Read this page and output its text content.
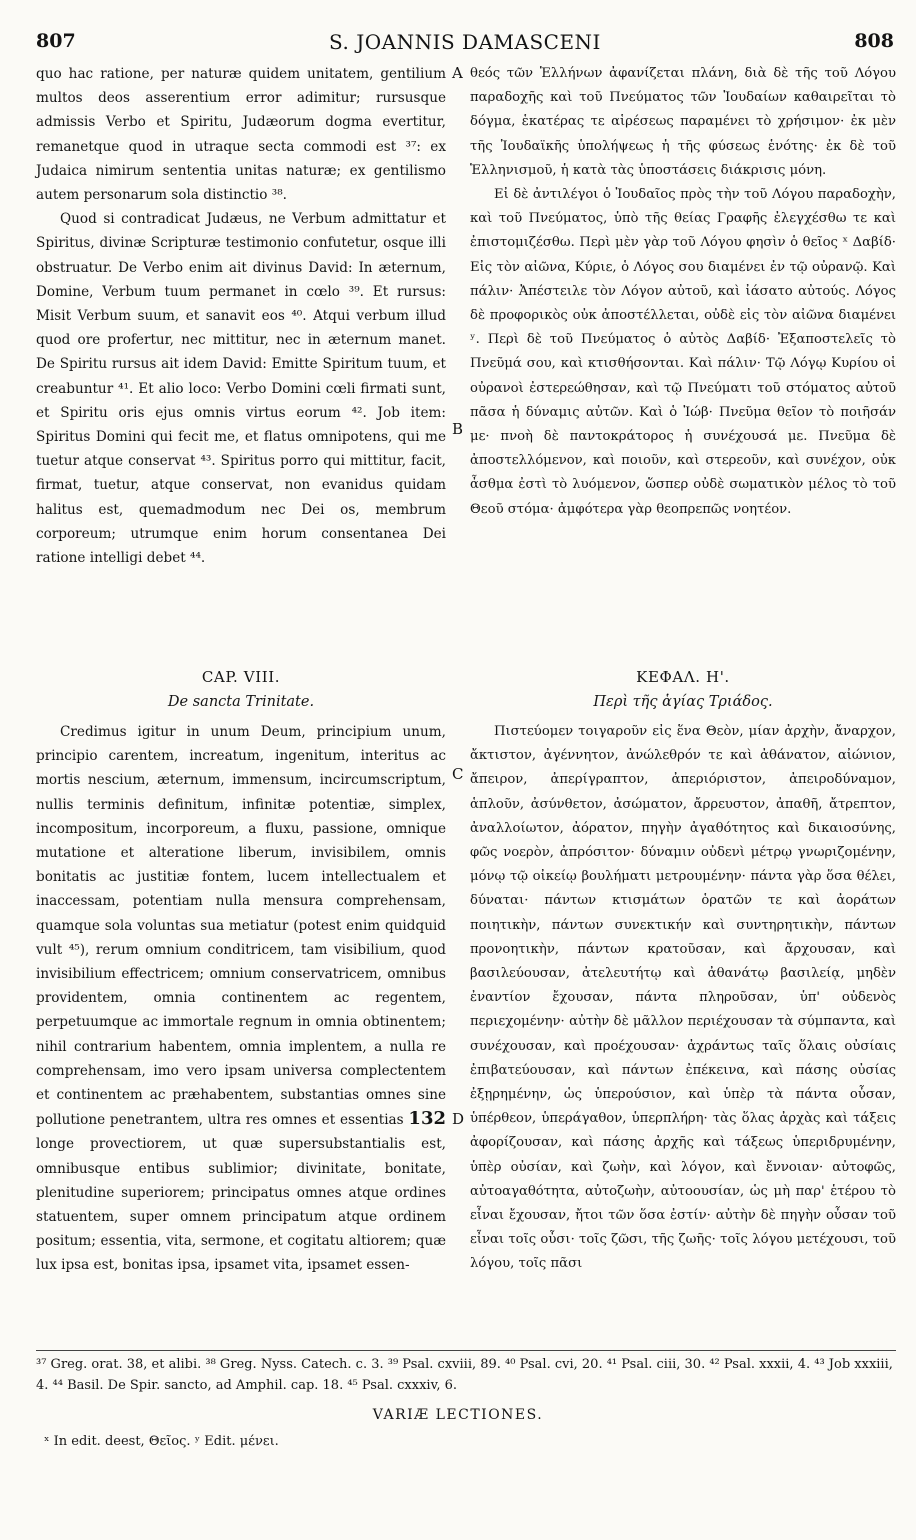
807	S. JOANNIS DAMASCENI	808

quo hac ratione, per naturæ quidem unitatem, gentilium multos deos asserentium error adimitur; rursusque admissis Verbo et Spiritu, Judæorum dogma evertitur, remanetque quod in utraque secta commodi est ³⁷: ex Judaica nimirum sententia unitas naturæ; ex gentilismo autem personarum sola distinctio ³⁸.

Quod si contradicat Judæus, ne Verbum admittatur et Spiritus, divinæ Scripturæ testimonio confutetur, osque illi obstruatur. De Verbo enim ait divinus David: In æternum, Domine, Verbum tuum permanet in cœlo ³⁹. Et rursus: Misit Verbum suum, et sanavit eos ⁴⁰. Atqui verbum illud quod ore profertur, nec mittitur, nec in æternum manet. De Spiritu rursus ait idem David: Emitte Spiritum tuum, et creabuntur ⁴¹. Et alio loco: Verbo Domini cœli firmati sunt, et Spiritu oris ejus omnis virtus eorum ⁴². Job item: Spiritus Domini qui fecit me, et flatus omnipotens, qui me tuetur atque conservat ⁴³. Spiritus porro qui mittitur, facit, firmat, tuetur, atque conservat, non evanidus quidam halitus est, quemadmodum nec Dei os, membrum corporeum; utrumque enim horum consentanea Dei ratione intelligi debet ⁴⁴.

θεός τῶν Ἑλλήνων ἀφανίζεται πλάνη, διὰ δὲ τῆς τοῦ Λόγου παραδοχῆς καὶ τοῦ Πνεύματος τῶν Ἰουδαίων καθαιρεῖται τὸ δόγμα, ἑκατέρας τε αἱρέσεως παραμένει τὸ χρήσιμον· ἐκ μὲν τῆς Ἰουδαϊκῆς ὑπολήψεως ἡ τῆς φύσεως ἑνότης· ἐκ δὲ τοῦ Ἑλληνισμοῦ, ἡ κατὰ τὰς ὑποστάσεις διάκρισις μόνη.

Εἰ δὲ ἀντιλέγοι ὁ Ἰουδαῖος πρὸς τὴν τοῦ Λόγου παραδοχὴν, καὶ τοῦ Πνεύματος, ὑπὸ τῆς θείας Γραφῆς ἐλεγχέσθω τε καὶ ἐπιστομιζέσθω. Περὶ μὲν γὰρ τοῦ Λόγου φησὶν ὁ θεῖος ˣ Δαβίδ· Εἰς τὸν αἰῶνα, Κύριε, ὁ Λόγος σου διαμένει ἐν τῷ οὐρανῷ. Καὶ πάλιν· Ἀπέστειλε τὸν Λόγον αὐτοῦ, καὶ ἰάσατο αὐτούς. Λόγος δὲ προφορικὸς οὐκ ἀποστέλλεται, οὐδὲ εἰς τὸν αἰῶνα διαμένει ʸ. Περὶ δὲ τοῦ Πνεύματος ὁ αὐτὸς Δαβίδ· Ἐξαποστελεῖς τὸ Πνεῦμά σου, καὶ κτισθήσονται. Καὶ πάλιν· Τῷ Λόγῳ Κυρίου οἱ οὐρανοὶ ἐστερεώθησαν, καὶ τῷ Πνεύματι τοῦ στόματος αὐτοῦ πᾶσα ἡ δύναμις αὐτῶν. Καὶ ὁ Ἰώβ· Πνεῦμα θεῖον τὸ ποιῆσάν με· πνοὴ δὲ παντοκράτορος ἡ συνέχουσά με. Πνεῦμα δὲ ἀποστελλόμενον, καὶ ποιοῦν, καὶ στερεοῦν, καὶ συνέχον, οὐκ ἆσθμα ἐστὶ τὸ λυόμενον, ὥσπερ οὐδὲ σωματικὸν μέλος τὸ τοῦ Θεοῦ στόμα· ἀμφότερα γὰρ θεοπρεπῶς νοητέον.

A
B
C
D
CAP. VIII.
De sancta Trinitate.
ΚΕΦΑΛ. Η'.
Περὶ τῆς ἁγίας Τριάδος.

Credimus igitur in unum Deum, principium unum, principio carentem, increatum, ingenitum, interitus ac mortis nescium, æternum, immensum, incircumscriptum, nullis terminis definitum, infinitæ potentiæ, simplex, incompositum, incorporeum, a fluxu, passione, omnique mutatione et alteratione liberum, invisibilem, omnis bonitatis ac justitiæ fontem, lucem intellectualem et inaccessam, potentiam nulla mensura comprehensam, quamque sola voluntas sua metiatur (potest enim quidquid vult ⁴⁵), rerum omnium conditricem, tam visibilium, quod invisibilium effectricem; omnium conservatricem, omnibus providentem, omnia continentem ac regentem, perpetuumque ac immortale regnum in omnia obtinentem; nihil contrarium habentem, omnia implentem, a nulla re comprehensam, imo vero ipsam universa complectentem et continentem ac præhabentem, substantias omnes sine pollutione penetrantem, ultra res omnes et essentias 132 longe provectiorem, ut quæ supersubstantialis est, omnibusque entibus sublimior; divinitate, bonitate, plenitudine superiorem; principatus omnes atque ordines statuentem, super omnem principatum atque ordinem positum; essentia, vita, sermone, et cogitatu altiorem; quæ lux ipsa est, bonitas ipsa, ipsamet vita, ipsamet essen-

Πιστεύομεν τοιγαροῦν εἰς ἕνα Θεὸν, μίαν ἀρχὴν, ἄναρχον, ἄκτιστον, ἀγέννητον, ἀνώλεθρόν τε καὶ ἀθάνατον, αἰώνιον, ἄπειρον, ἀπερίγραπτον, ἀπεριόριστον, ἀπειροδύναμον, ἁπλοῦν, ἀσύνθετον, ἀσώματον, ἄρρευστον, ἀπαθῆ, ἄτρεπτον, ἀναλλοίωτον, ἀόρατον, πηγὴν ἀγαθότητος καὶ δικαιοσύνης, φῶς νοερὸν, ἀπρόσιτον· δύναμιν οὐδενὶ μέτρῳ γνωριζομένην, μόνῳ τῷ οἰκείῳ βουλήματι μετρουμένην· πάντα γὰρ ὅσα θέλει, δύναται· πάντων κτισμάτων ὁρατῶν τε καὶ ἀοράτων ποιητικὴν, πάντων συνεκτικήν καὶ συντηρητικὴν, πάντων προνοητικὴν, πάντων κρατοῦσαν, καὶ ἄρχουσαν, καὶ βασιλεύουσαν, ἀτελευτήτῳ καὶ ἀθανάτῳ βασιλείᾳ, μηδὲν ἐναντίον ἔχουσαν, πάντα πληροῦσαν, ὑπ' οὐδενὸς περιεχομένην· αὐτὴν δὲ μᾶλλον περιέχουσαν τὰ σύμπαντα, καὶ συνέχουσαν, καὶ προέχουσαν· ἀχράντως ταῖς ὅλαις οὐσίαις ἐπιβατεύουσαν, καὶ πάντων ἐπέκεινα, καὶ πάσης οὐσίας ἐξῃρημένην, ὡς ὑπερούσιον, καὶ ὑπὲρ τὰ πάντα οὖσαν, ὑπέρθεον, ὑπεράγαθον, ὑπερπλήρη· τὰς ὅλας ἀρχὰς καὶ τάξεις ἀφορίζουσαν, καὶ πάσης ἀρχῆς καὶ τάξεως ὑπεριδρυμένην, ὑπὲρ οὐσίαν, καὶ ζωὴν, καὶ λόγον, καὶ ἔννοιαν· αὐτοφῶς, αὐτοαγαθότητα, αὐτοζωὴν, αὐτοουσίαν, ὡς μὴ παρ' ἑτέρου τὸ εἶναι ἔχουσαν, ἤτοι τῶν ὅσα ἐστίν· αὐτὴν δὲ πηγὴν οὖσαν τοῦ εἶναι τοῖς οὖσι· τοῖς ζῶσι, τῆς ζωῆς· τοῖς λόγου μετέχουσι, τοῦ λόγου, τοῖς πᾶσι

³⁷ Greg. orat. 38, et alibi. ³⁸ Greg. Nyss. Catech. c. 3. ³⁹ Psal. cxviii, 89. ⁴⁰ Psal. cvi, 20. ⁴¹ Psal. ciii, 30. ⁴² Psal. xxxii, 4. ⁴³ Job xxxiii, 4. ⁴⁴ Basil. De Spir. sancto, ad Amphil. cap. 18. ⁴⁵ Psal. cxxxiv, 6.

VARIÆ LECTIONES.
ˣ In edit. deest, Θεῖος. ʸ Edit. μένει.
